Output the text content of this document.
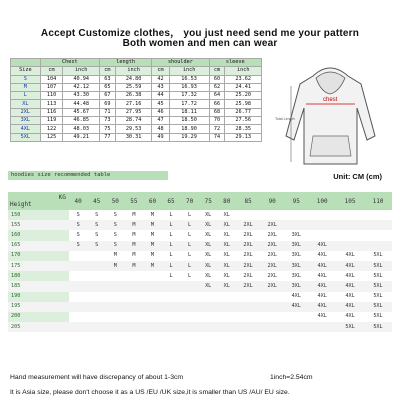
Accept Customize clothes， you just need send me your pattern
Both women and men can wear
	Chest		length		shoulder		sleeve	
Size	cm	inch	cm	inch	cm	inch	cm	inch
S	104	40.94	63	24.80	42	16.53	60	23.62
M	107	42.12	65	25.59	43	16.93	62	24.41
L	110	43.30	67	26.38	44	17.32	64	25.20
XL	113	44.48	69	27.16	45	17.72	66	25.98
2XL	116	45.67	71	27.95	46	18.11	68	26.77
3XL	119	46.85	73	28.74	47	18.50	70	27.56
4XL	122	48.03	75	29.53	48	18.90	72	28.35
5XL	125	49.21	77	30.31	49	19.29	74	29.13
chest
Total Length
hoodies size recommended table	Unit: CM (cm)
KG
Height	40	45	50	55	60	65	70	75	80	85	90	95	100	105	110
150	S	S	S	M	M	L	L	XL	XL						
155	S	S	S	M	M	L	L	XL	XL	2XL	2XL				
160	S	S	S	M	M	L	L	XL	XL	2XL	2XL	3XL			
165	S	S	S	M	M	L	L	XL	XL	2XL	2XL	3XL	4XL		
170			M	M	M	L	L	XL	XL	2XL	2XL	3XL	4XL	4XL	5XL
175			M	M	M	L	L	XL	XL	2XL	2XL	3XL	4XL	4XL	5XL
180						L	L	XL	XL	2XL	2XL	3XL	4XL	4XL	5XL
185								XL	XL	2XL	2XL	3XL	4XL	4XL	5XL
190												4XL	4XL	4XL	5XL
195												4XL	4XL	4XL	5XL
200													4XL	4XL	5XL
205														5XL	5XL
Hand measurement will have discrepancy of about 1-3cm	1inch=2.54cm
It is Asia size, please don't choose it as a US /EU /UK size,it is smaller than US /AU/ EU size.
